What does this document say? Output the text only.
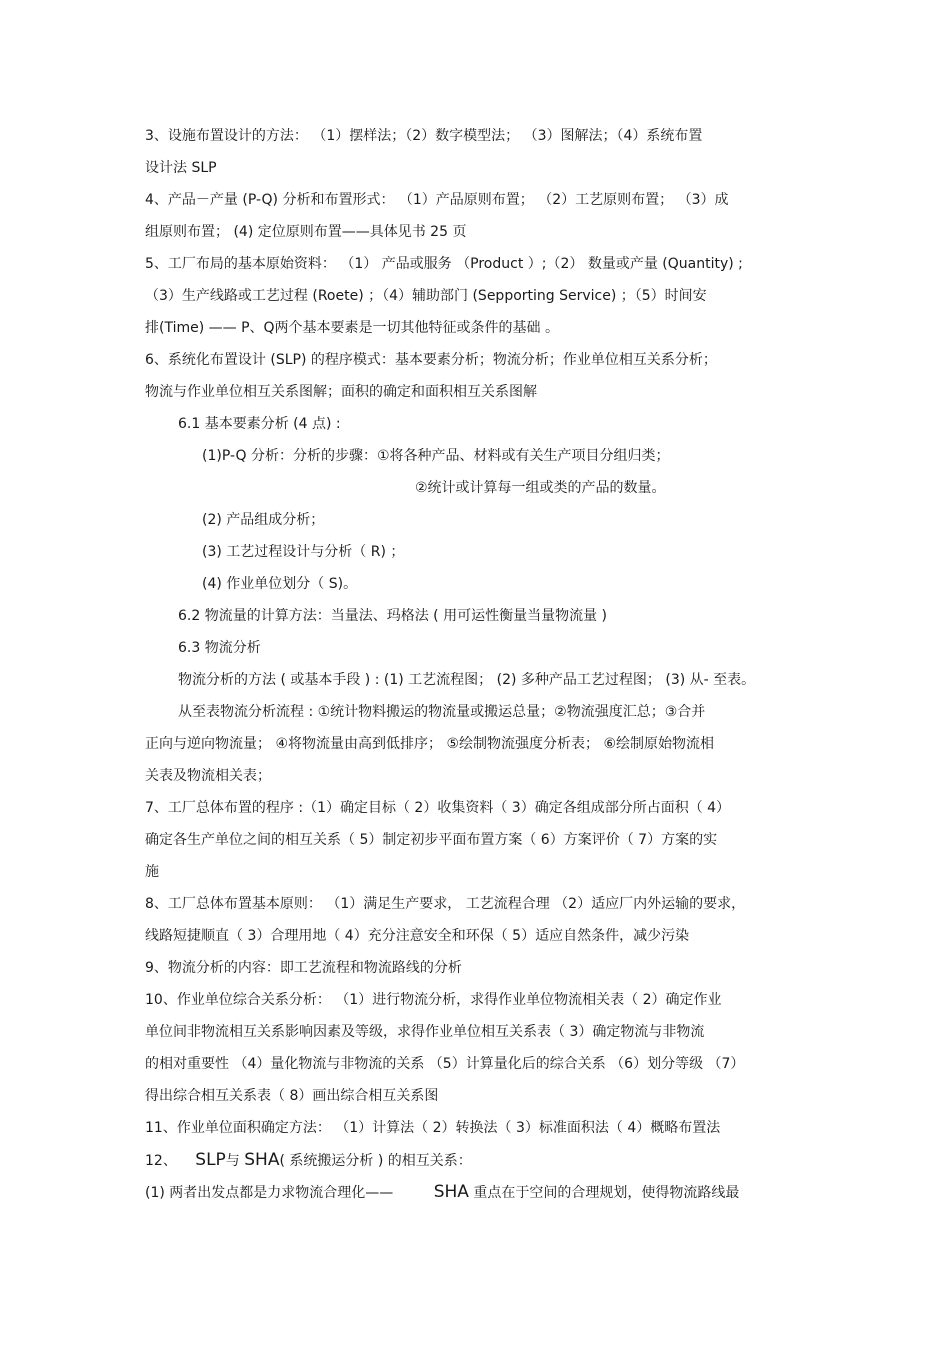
3、设施布置设计的方法： （1）摆样法；（2）数字模型法； （3）图解法；（4）系统布置
设计法 SLP
4、产品－产量 (P-Q) 分析和布置形式： （1）产品原则布置； （2）工艺原则布置； （3）成
组原则布置； (4) 定位原则布置——具体见书 25 页
5、工厂布局的基本原始资料： （1） 产品或服务 （Product ）;（2） 数量或产量 (Quantity) ;
（3）生产线路或工艺过程 (Roete) ；（4）辅助部门 (Sepporting Service) ；（5）时间安
排(Time) —— P、Q两个基本要素是一切其他特征或条件的基础 。
6、系统化布置设计 (SLP) 的程序模式：基本要素分析；物流分析；作业单位相互关系分析；
物流与作业单位相互关系图解；面积的确定和面积相互关系图解
6.1 基本要素分析 (4 点) :
(1)P-Q 分析：分析的步骤：①将各种产品、材料或有关生产项目分组归类；
②统计或计算每一组或类的产品的数量。
(2) 产品组成分析；
(3) 工艺过程设计与分析（ R) ；
(4) 作业单位划分（ S)。
6.2 物流量的计算方法：当量法、玛格法 ( 用可运性衡量当量物流量 )
6.3 物流分析
物流分析的方法 ( 或基本手段 ) : (1) 工艺流程图； (2) 多种产品工艺过程图； (3) 从- 至表。
从至表物流分析流程 : ①统计物料搬运的物流量或搬运总量；②物流强度汇总；③合并
正向与逆向物流量； ④将物流量由高到低排序； ⑤绘制物流强度分析表； ⑥绘制原始物流相
关表及物流相关表；
7、工厂总体布置的程序 :（1）确定目标（ 2）收集资料（ 3）确定各组成部分所占面积（ 4）
确定各生产单位之间的相互关系（ 5）制定初步平面布置方案（ 6）方案评价（ 7）方案的实
施
8、工厂总体布置基本原则： （1）满足生产要求， 工艺流程合理 （2）适应厂内外运输的要求，
线路短捷顺直（ 3）合理用地（ 4）充分注意安全和环保（ 5）适应自然条件，减少污染
9、物流分析的内容：即工艺流程和物流路线的分析
10、作业单位综合关系分析： （1）进行物流分析，求得作业单位物流相关表（ 2）确定作业
单位间非物流相互关系影响因素及等级，求得作业单位相互关系表（ 3）确定物流与非物流
的相对重要性 （4）量化物流与非物流的关系 （5）计算量化后的综合关系 （6）划分等级 （7）
得出综合相互关系表（ 8）画出综合相互关系图
11、作业单位面积确定方法： （1）计算法（ 2）转换法（ 3）标准面积法（ 4）概略布置法
12、 SLP与 SHA( 系统搬运分析 ) 的相互关系：
(1) 两者出发点都是力求物流合理化—— SHA 重点在于空间的合理规划，使得物流路线最
